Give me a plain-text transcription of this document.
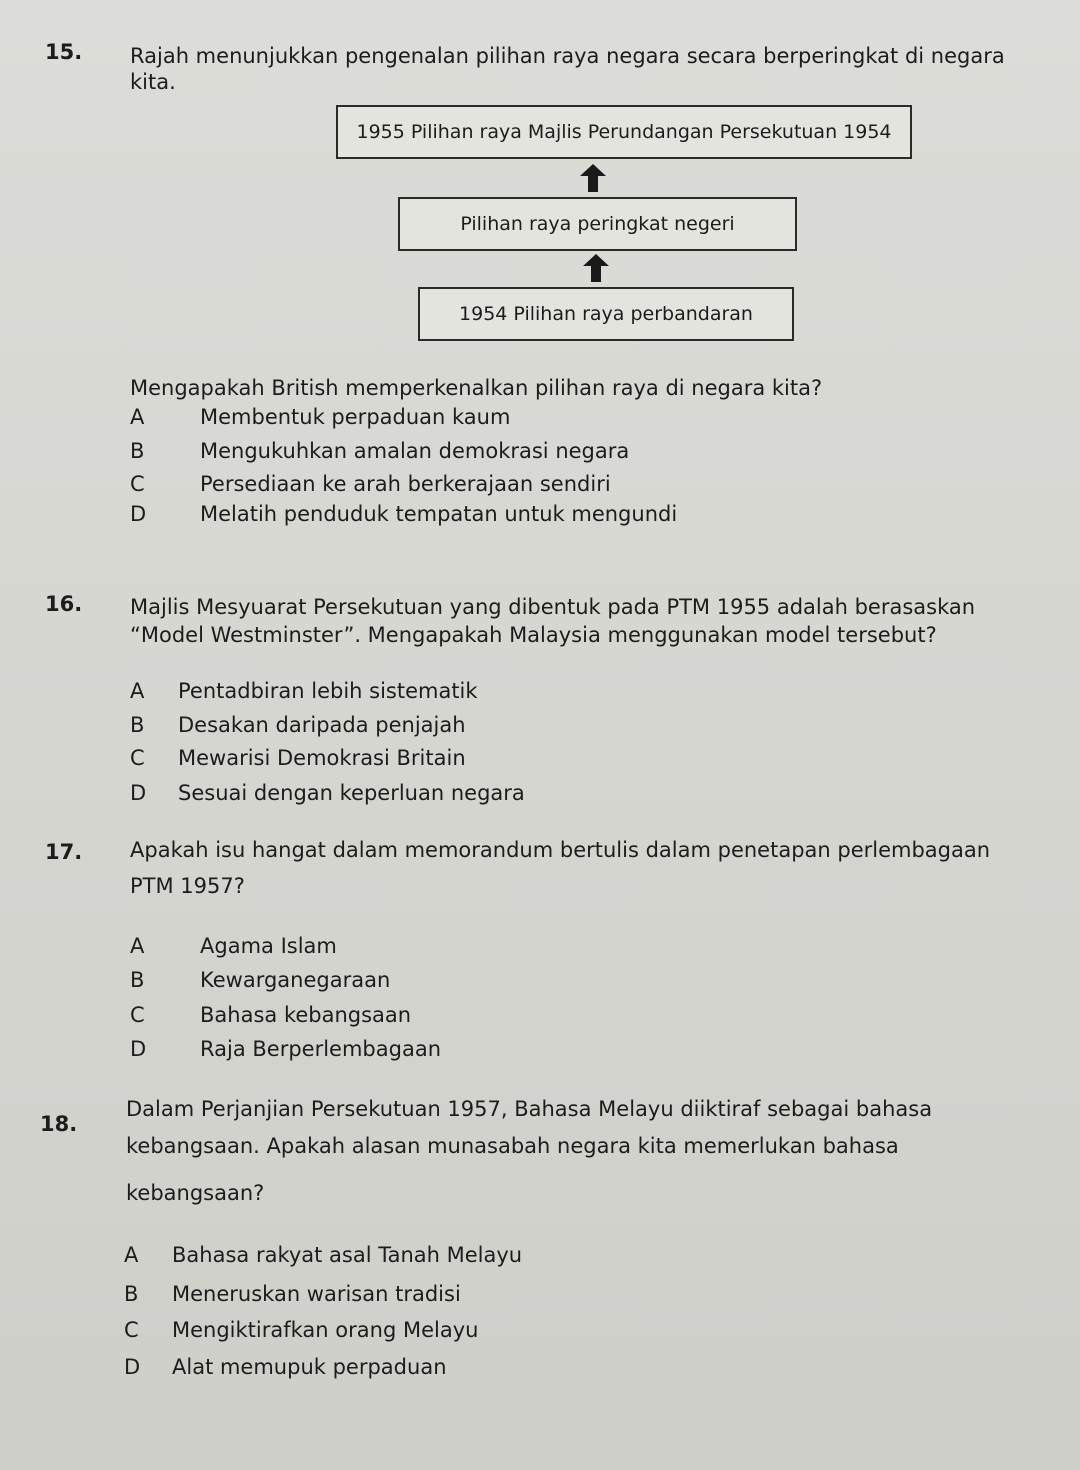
15. Rajah menunjukkan pengenalan pilihan raya negara secara berperingkat di negara
kita.
1955 Pilihan raya Majlis Perundangan Persekutuan 1954
Pilihan raya peringkat negeri
1954 Pilihan raya perbandaran
Mengapakah British memperkenalkan pilihan raya di negara kita?
A	Membentuk perpaduan kaum
B	Mengukuhkan amalan demokrasi negara
C	Persediaan ke arah berkerajaan sendiri
D	Melatih penduduk tempatan untuk mengundi
16. Majlis Mesyuarat Persekutuan yang dibentuk pada PTM 1955 adalah berasaskan
“Model Westminster”. Mengapakah Malaysia menggunakan model tersebut?
A Pentadbiran lebih sistematik
B Desakan daripada penjajah
C Mewarisi Demokrasi Britain
D Sesuai dengan keperluan negara
17. Apakah isu hangat dalam memorandum bertulis dalam penetapan perlembagaan
PTM 1957?
A	Agama Islam
B	Kewarganegaraan
C	Bahasa kebangsaan
D	Raja Berperlembagaan
18.
Dalam Perjanjian Persekutuan 1957, Bahasa Melayu diiktiraf sebagai bahasa
kebangsaan. Apakah alasan munasabah negara kita memerlukan bahasa
kebangsaan?
A Bahasa rakyat asal Tanah Melayu
B Meneruskan warisan tradisi
C Mengiktirafkan orang Melayu
D Alat memupuk perpaduan
